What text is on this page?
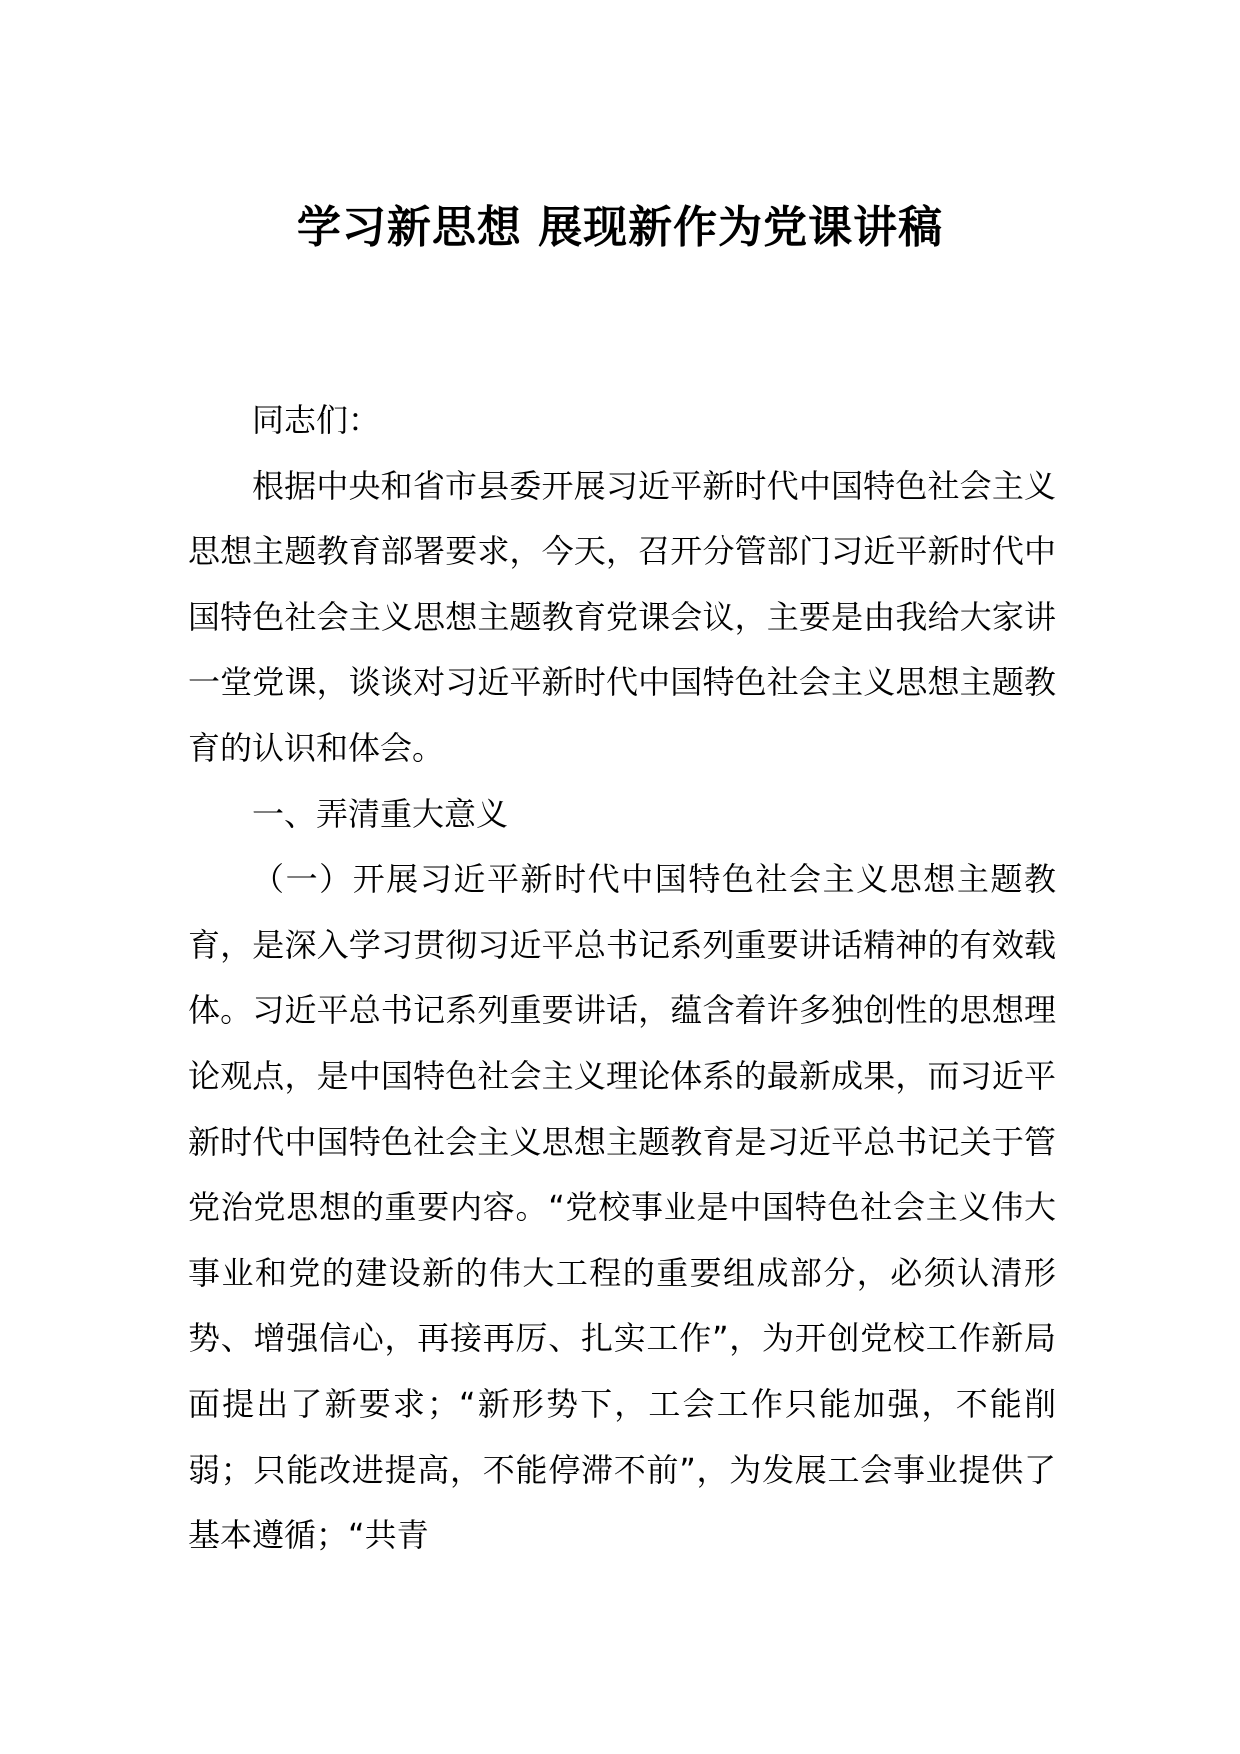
学习新思想 展现新作为党课讲稿

同志们：

根据中央和省市县委开展习近平新时代中国特色社会主义思想主题教育部署要求，今天，召开分管部门习近平新时代中国特色社会主义思想主题教育党课会议，主要是由我给大家讲一堂党课，谈谈对习近平新时代中国特色社会主义思想主题教育的认识和体会。

一、弄清重大意义

（一）开展习近平新时代中国特色社会主义思想主题教育，是深入学习贯彻习近平总书记系列重要讲话精神的有效载体。习近平总书记系列重要讲话，蕴含着许多独创性的思想理论观点，是中国特色社会主义理论体系的最新成果，而习近平新时代中国特色社会主义思想主题教育是习近平总书记关于管党治党思想的重要内容。“党校事业是中国特色社会主义伟大事业和党的建设新的伟大工程的重要组成部分，必须认清形势、增强信心，再接再厉、扎实工作”，为开创党校工作新局面提出了新要求；“新形势下，工会工作只能加强，不能削弱；只能改进提高，不能停滞不前”，为发展工会事业提供了基本遵循；“共青
